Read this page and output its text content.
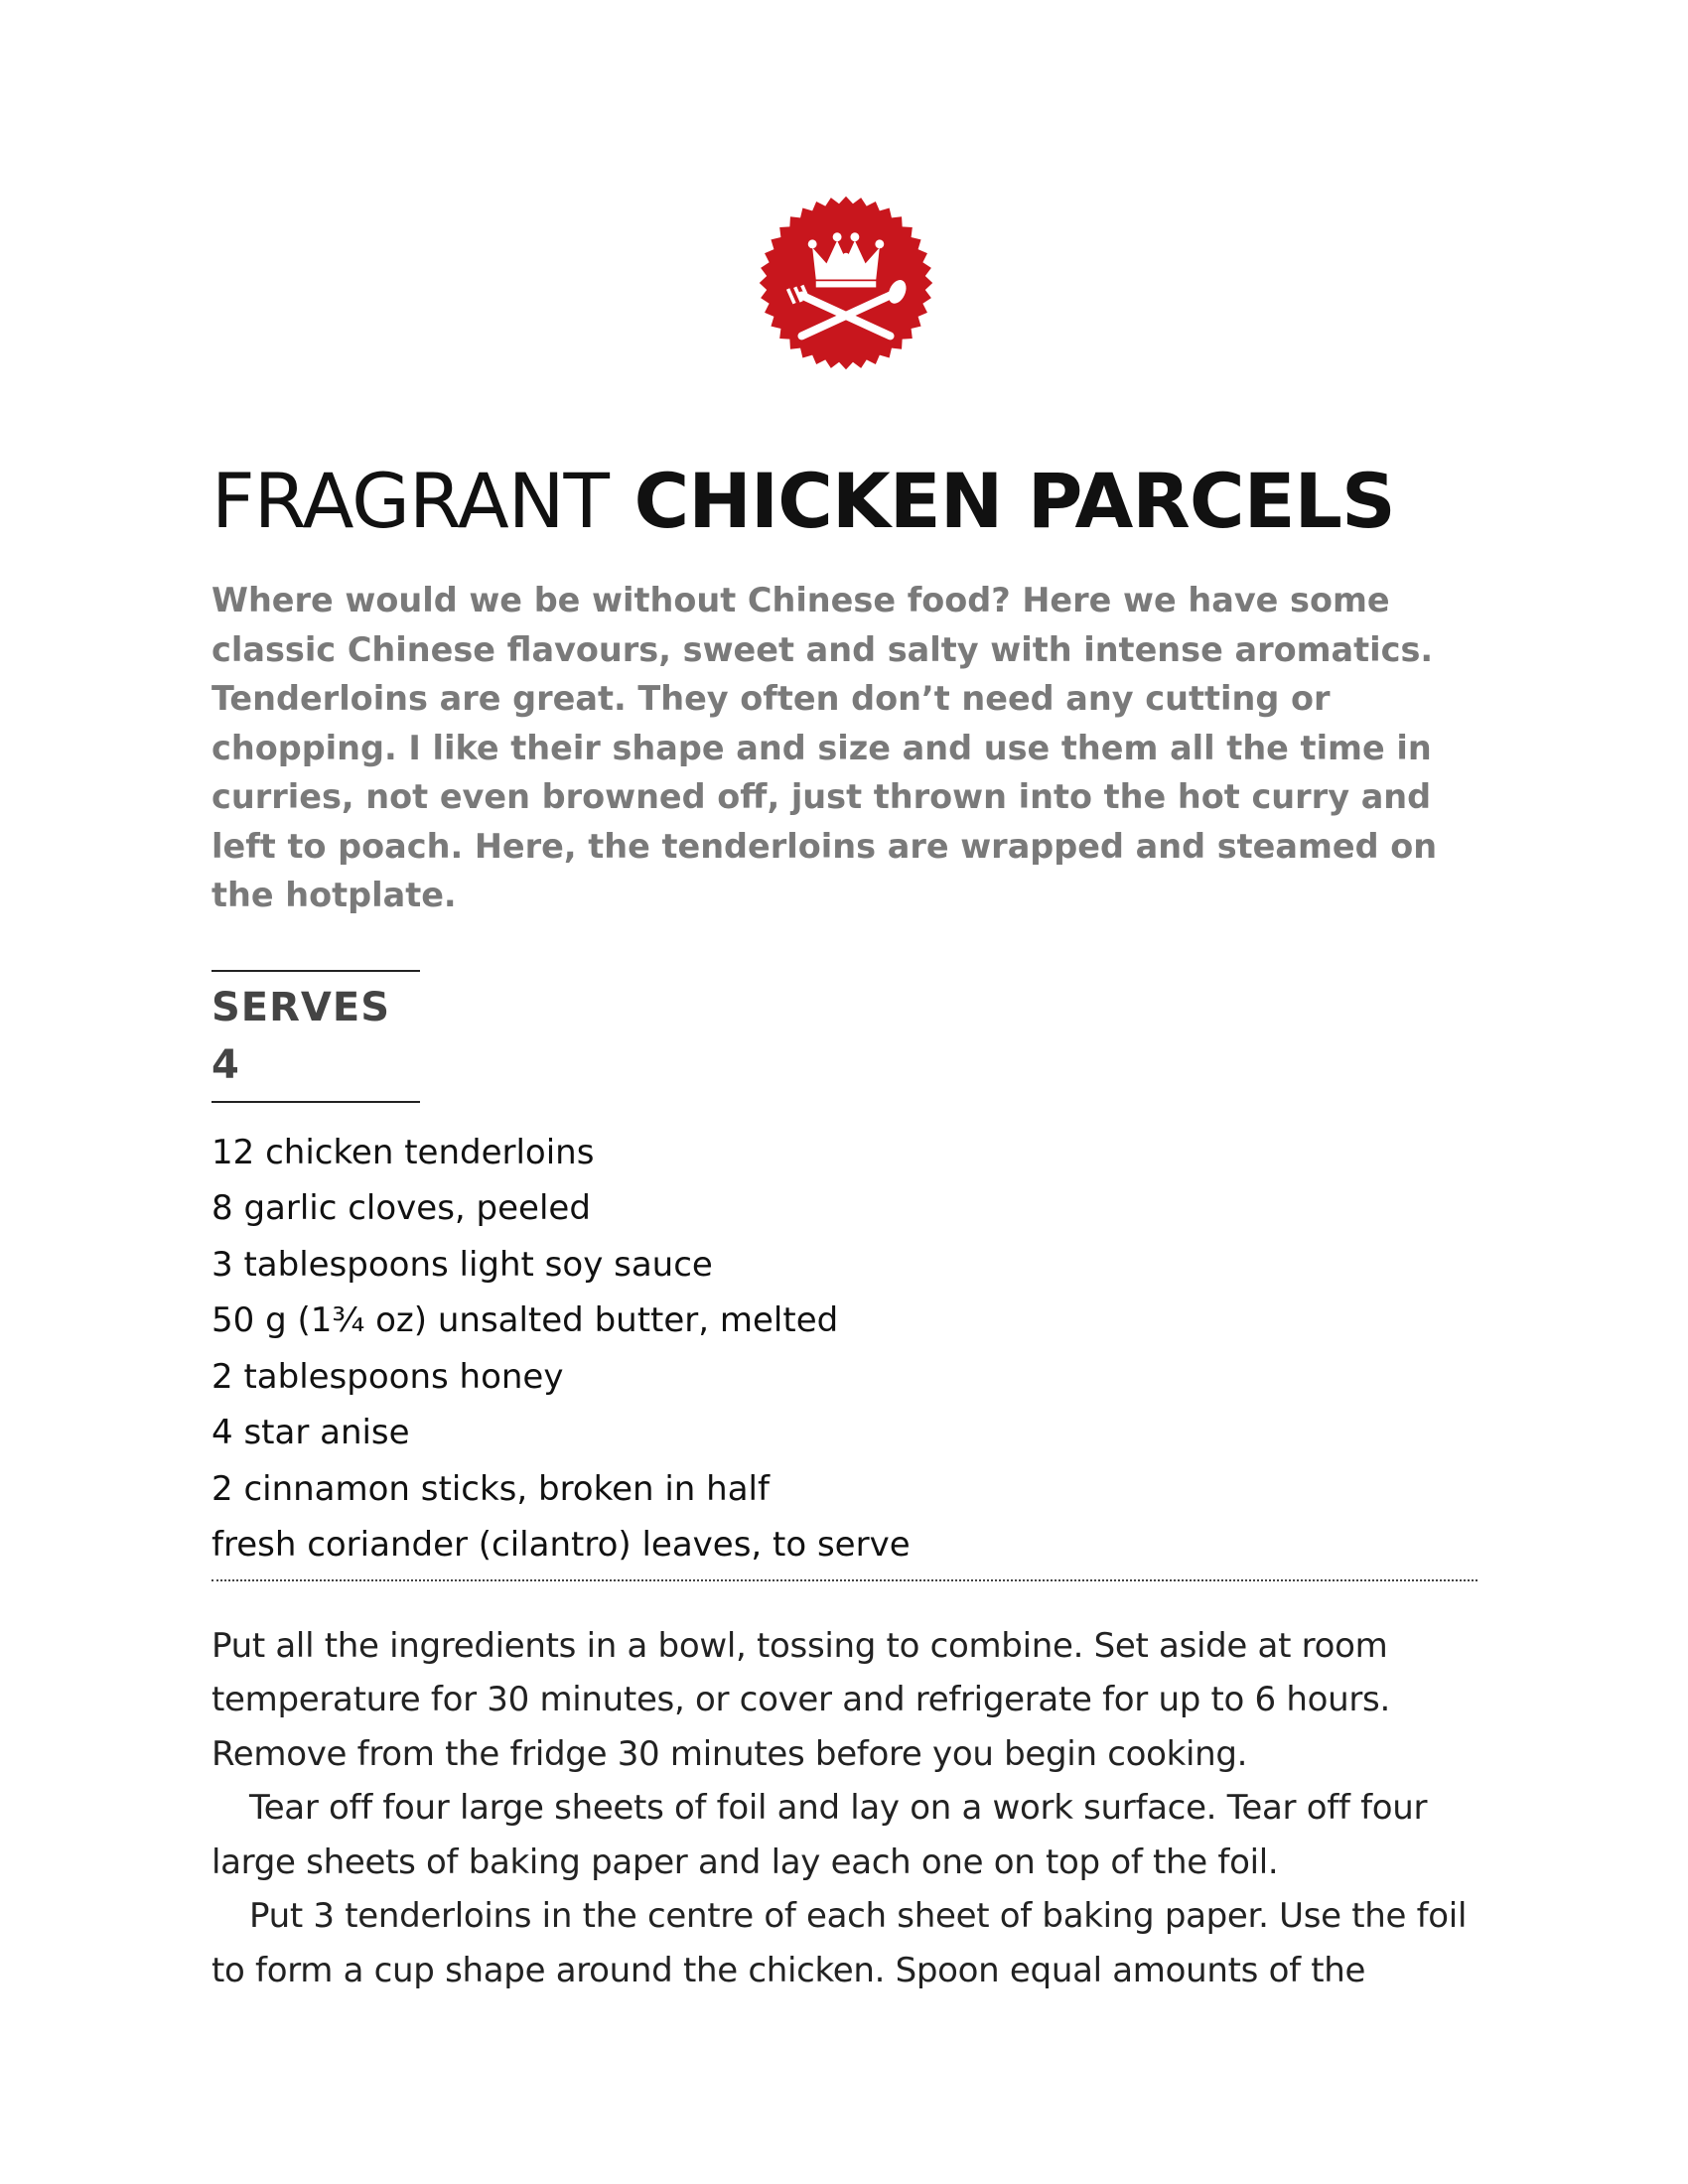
FRAGRANT CHICKEN PARCELS

Where would we be without Chinese food? Here we have some classic Chinese flavours, sweet and salty with intense aromatics. Tenderloins are great. They often don’t need any cutting or chopping. I like their shape and size and use them all the time in curries, not even browned off, just thrown into the hot curry and left to poach. Here, the tenderloins are wrapped and steamed on the hotplate.

SERVES 4
12 chicken tenderloins
8 garlic cloves, peeled
3 tablespoons light soy sauce
50 g (1¾ oz) unsalted butter, melted
2 tablespoons honey
4 star anise
2 cinnamon sticks, broken in half
fresh coriander (cilantro) leaves, to serve

Put all the ingredients in a bowl, tossing to combine. Set aside at room temperature for 30 minutes, or cover and refrigerate for up to 6 hours. Remove from the fridge 30 minutes before you begin cooking.

Tear off four large sheets of foil and lay on a work surface. Tear off four large sheets of baking paper and lay each one on top of the foil.

Put 3 tenderloins in the centre of each sheet of baking paper. Use the foil to form a cup shape around the chicken. Spoon equal amounts of the
